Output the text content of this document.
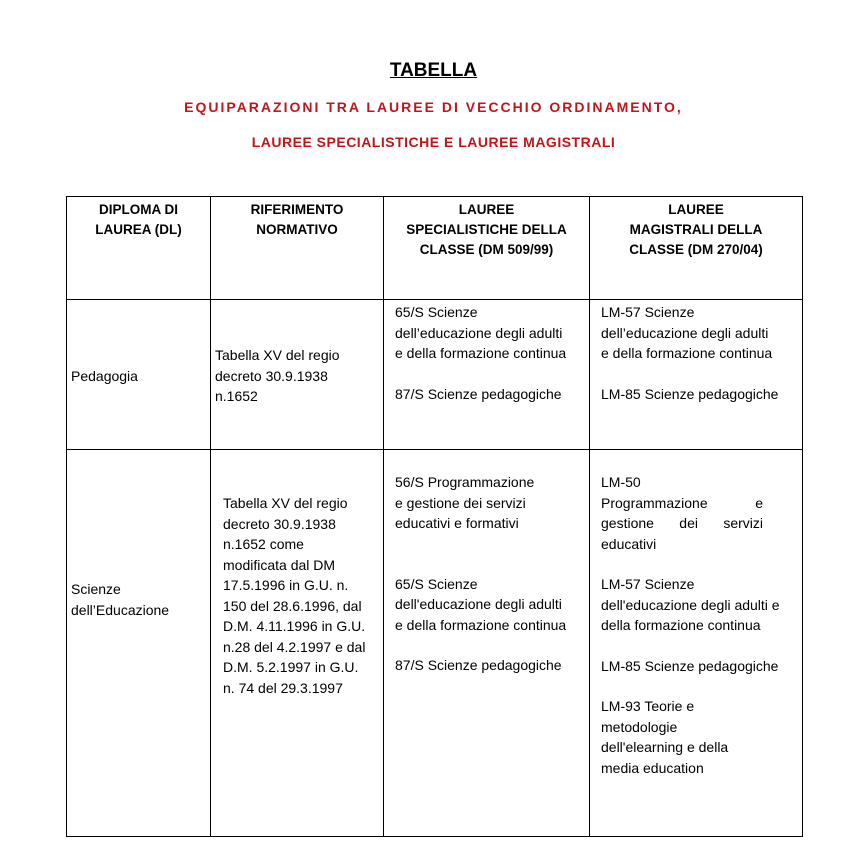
TABELLA
EQUIPARAZIONI TRA LAUREE DI VECCHIO ORDINAMENTO,
LAUREE SPECIALISTICHE E LAUREE MAGISTRALI
DIPLOMA DI
LAUREA (DL)
RIFERIMENTO
NORMATIVO
LAUREE
SPECIALISTICHE DELLA
CLASSE (DM 509/99)
LAUREE
MAGISTRALI DELLA
CLASSE (DM 270/04)
Pedagogia
Tabella XV del regio
decreto 30.9.1938
n.1652
65/S Scienze
dell’educazione degli adulti
e della formazione continua
87/S Scienze pedagogiche
LM-57 Scienze
dell’educazione degli adulti
e della formazione continua
LM-85 Scienze pedagogiche
Scienze
dell’Educazione
Tabella XV del regio
decreto 30.9.1938
n.1652 come
modificata dal DM
17.5.1996 in G.U. n.
150 del 28.6.1996, dal
D.M. 4.11.1996 in G.U.
n.28 del 4.2.1997 e dal
D.M. 5.2.1997 in G.U.
n. 74 del 29.3.1997
56/S Programmazione
e gestione dei servizi
educativi e formativi
65/S Scienze
dell'educazione degli adulti
e della formazione continua
87/S Scienze pedagogiche
LM-50
Programmazione e
gestione dei servizi
educativi
LM-57 Scienze
dell'educazione degli adulti e
della formazione continua
LM-85 Scienze pedagogiche
LM-93 Teorie e
metodologie
dell'elearning e della
media education
